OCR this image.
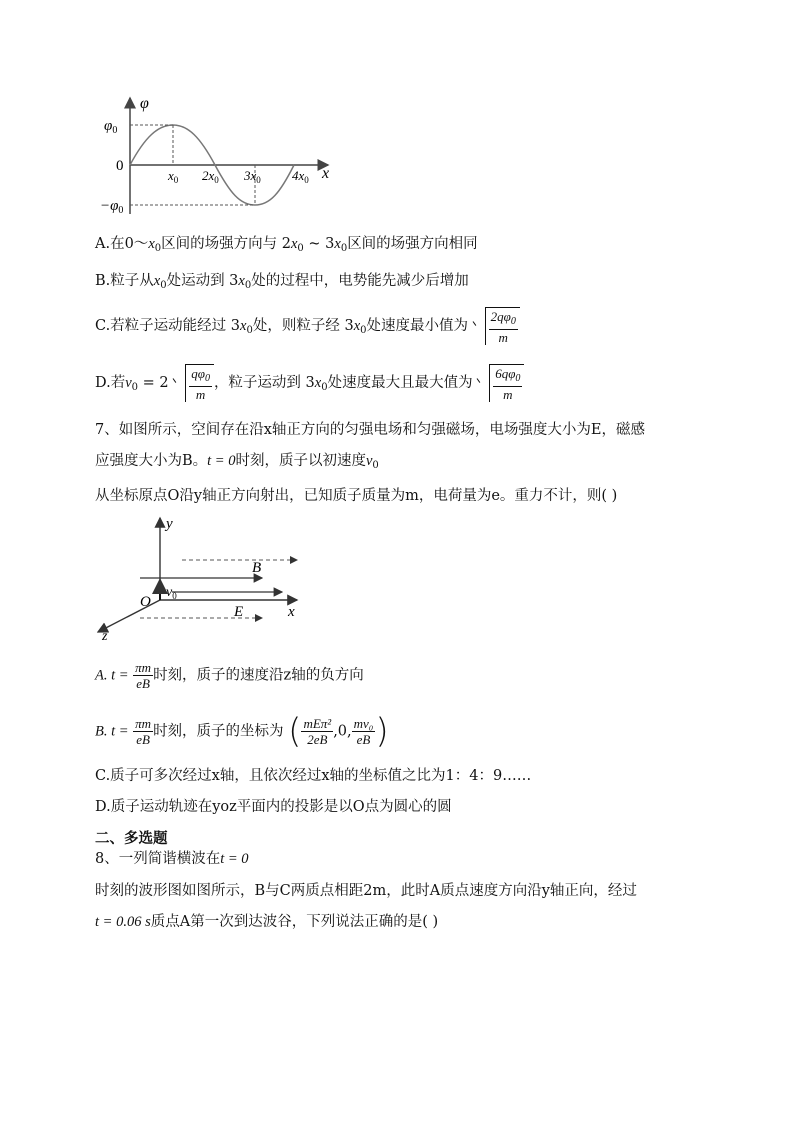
φ
x
$\varphi_0$
0
$-\varphi_0$
$x_0$ $2x_0$ $3x_0$ $4x_0$
A.在$0\sim x_0$区间的场强方向与 $2x_0$ ~ $3x_0$区间的场强方向相同
B.粒子从$x_0$处运动到 $3x_0$处的过程中，电势能先减少后增加
C.若粒子运动能经过 $3x_0$处，则粒子经 $3x_0$处速度最小值为 $\frac{2q\varphi_0}{m}$
D.若$v_0 = 2 \frac{q\varphi_0}{m}$ ，粒子运动到 $3x_0$处速度最大且最大值为 $\frac{6q\varphi_0}{m}$
7、如图所示，空间存在沿x轴正方向的匀强电场和匀强磁场，电场强度大小为E，磁感
应强度大小为B。t = 0时刻，质子以初速度$v_0$
从坐标原点O沿y轴正方向射出，已知质子质量为m，电荷量为e。重力不计，则( )
y
x
z
O
B
E
$v_0$
A. $t = \frac{\pi m}{eB}$ 时刻，质子的速度沿z轴的负方向
B. $t = \frac{\pi m}{eB}$ 时刻，质子的坐标为 ( $\frac{\text{mEπ²}}{2eB} ,0$, $\frac{\text{mv₀}}{eB}$ )
C.质子可多次经过x轴，且依次经过x轴的坐标值之比为1：4：9……
D.质子运动轨迹在yoz平面内的投影是以O点为圆心的圆
二、多选题
8、一列简谐横波在t = 0
时刻的波形图如图所示，B与C两质点相距2m，此时A质点速度方向沿y轴正向，经过
t = 0.06 s质点A第一次到达波谷，下列说法正确的是( )
